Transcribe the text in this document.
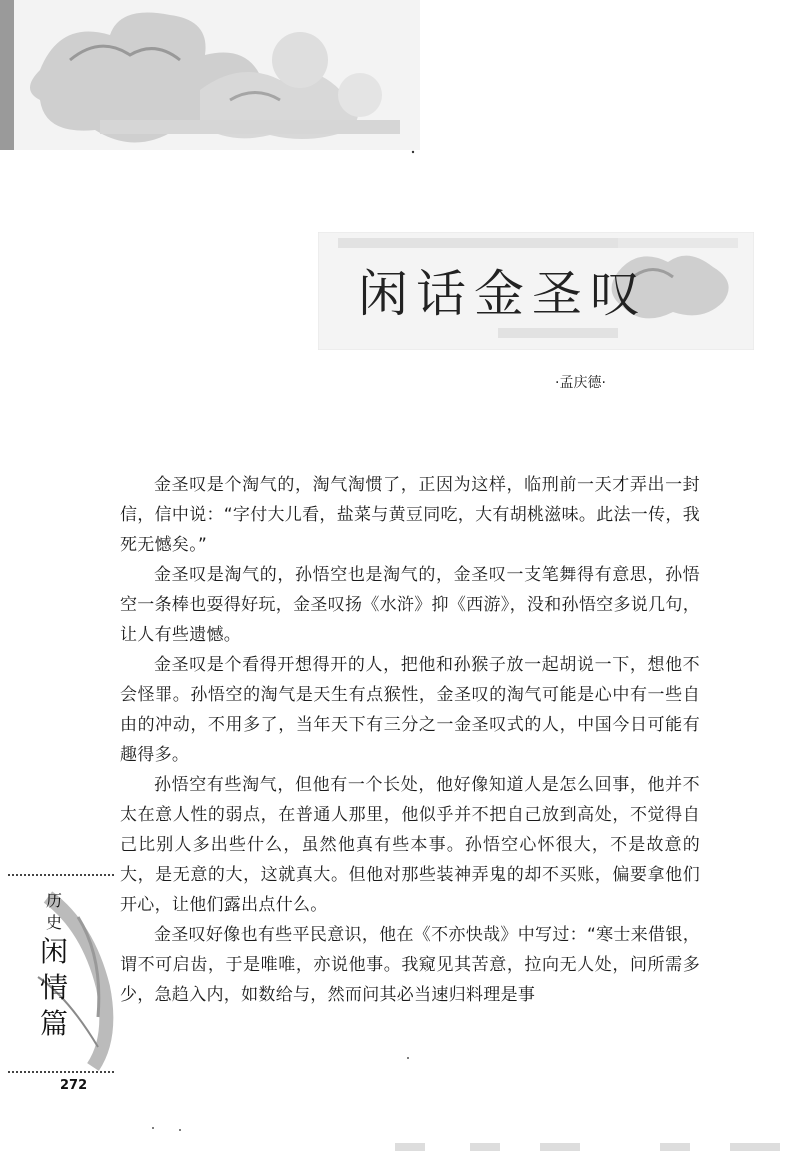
闲话金圣叹
·孟庆德·

金圣叹是个淘气的，淘气淘惯了，正因为这样，临刑前一天才弄出一封信，信中说：“字付大儿看，盐菜与黄豆同吃，大有胡桃滋味。此法一传，我死无憾矣。”

金圣叹是淘气的，孙悟空也是淘气的，金圣叹一支笔舞得有意思，孙悟空一条棒也耍得好玩，金圣叹扬《水浒》抑《西游》，没和孙悟空多说几句，让人有些遗憾。

金圣叹是个看得开想得开的人，把他和孙猴子放一起胡说一下，想他不会怪罪。孙悟空的淘气是天生有点猴性，金圣叹的淘气可能是心中有一些自由的冲动，不用多了，当年天下有三分之一金圣叹式的人，中国今日可能有趣得多。

孙悟空有些淘气，但他有一个长处，他好像知道人是怎么回事，他并不太在意人性的弱点，在普通人那里，他似乎并不把自己放到高处，不觉得自己比别人多出些什么，虽然他真有些本事。孙悟空心怀很大，不是故意的大，是无意的大，这就真大。但他对那些装神弄鬼的却不买账，偏要拿他们开心，让他们露出点什么。

金圣叹好像也有些平民意识，他在《不亦快哉》中写过：“寒士来借银，谓不可启齿，于是唯唯，亦说他事。我窥见其苦意，拉向无人处，问所需多少，急趋入内，如数给与，然而问其必当速归料理是事

历
史
闲
情
篇
272
